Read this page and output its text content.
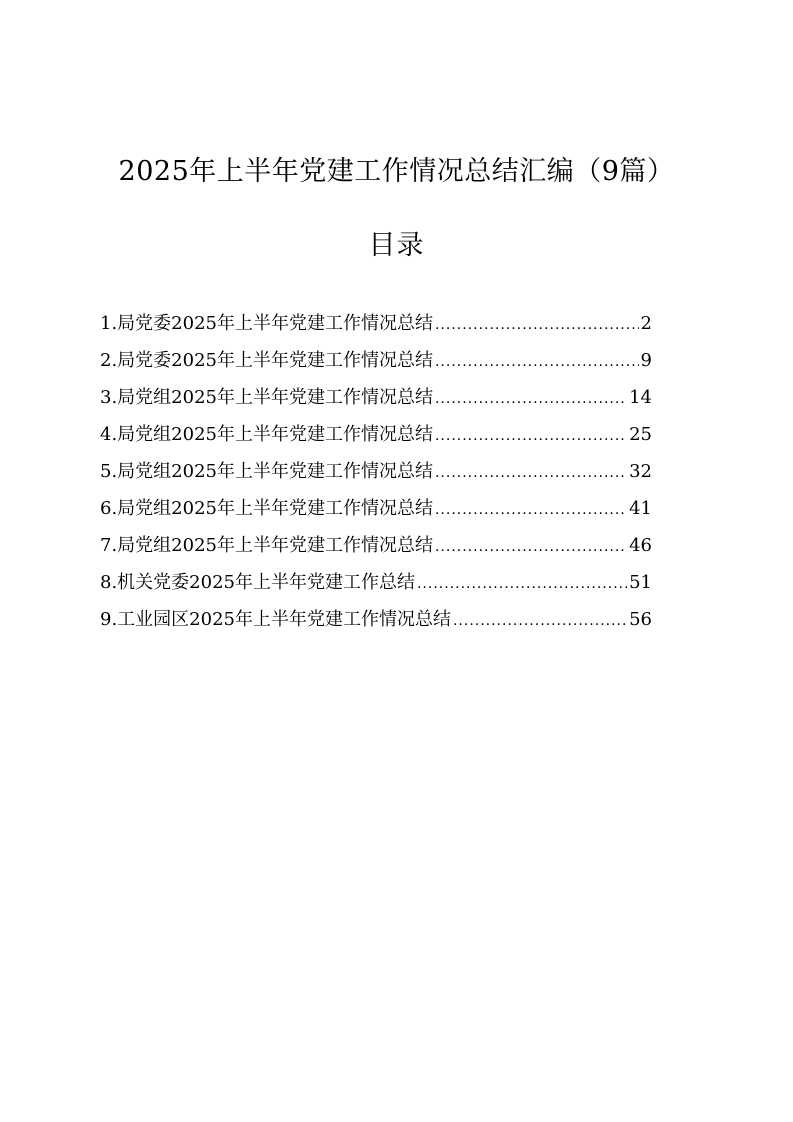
2025年上半年党建工作情况总结汇编（9篇）
目录
1.局党委2025年上半年党建工作情况总结 .....	2
2.局党委2025年上半年党建工作情况总结 .....	9
3.局党组2025年上半年党建工作情况总结 .....	14
4.局党组2025年上半年党建工作情况总结 .....	25
5.局党组2025年上半年党建工作情况总结 .....	32
6.局党组2025年上半年党建工作情况总结 .....	41
7.局党组2025年上半年党建工作情况总结 .....	46
8.机关党委2025年上半年党建工作总结 .....	51
9.工业园区2025年上半年党建工作情况总结 .....	56
